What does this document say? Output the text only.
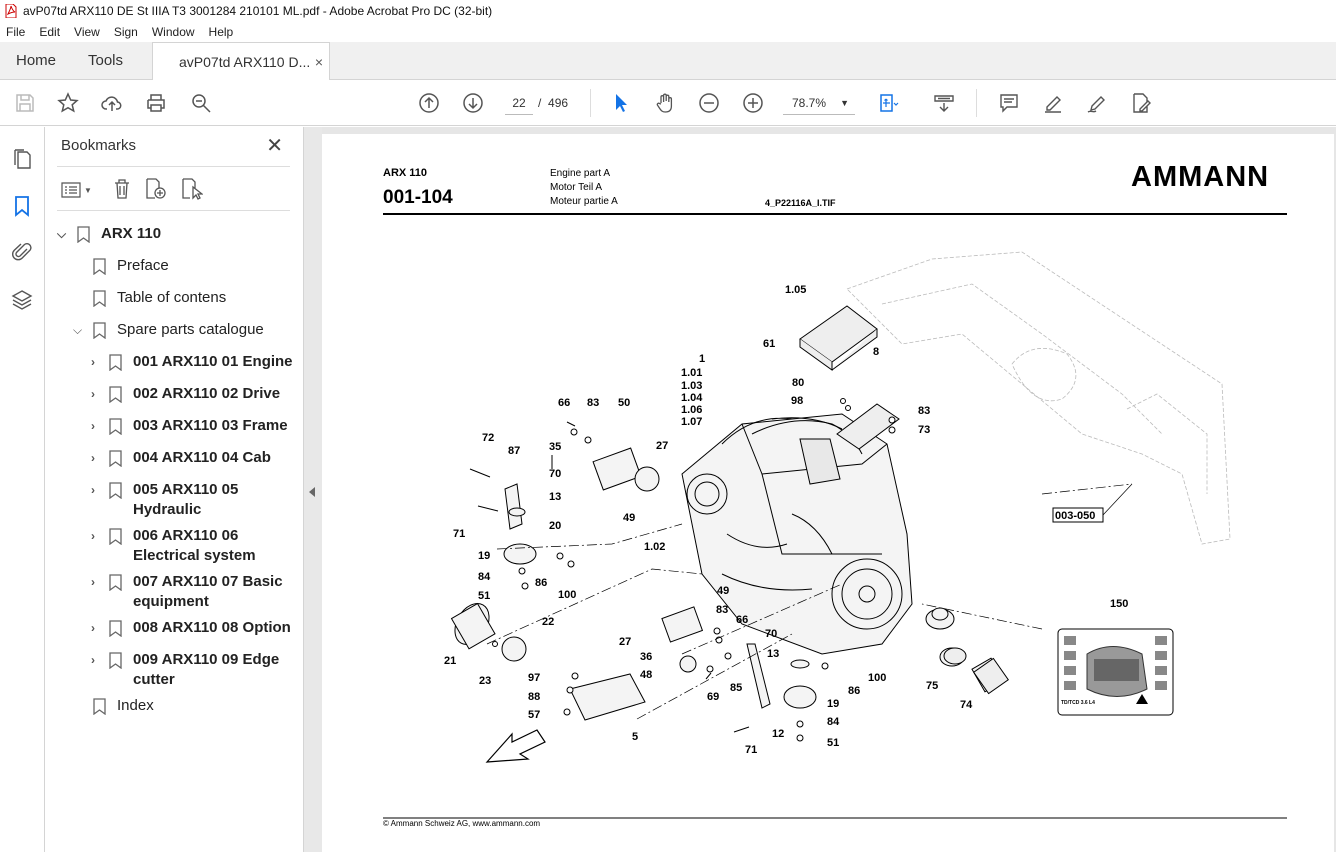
avP07td ARX110 DE St IIIA T3 3001284 210101 ML.pdf - Adobe Acrobat Pro DC (32-bit)
File Edit View Sign Window Help
Home Tools	avP07td ARX110 D... ×
22	/ 496	78.7% ▼
Bookmarks	✕
▼
⌵ ARX 110
Preface
Table of contens
⌵ Spare parts catalogue
›	001 ARX110 01 Engine
›	002 ARX110 02 Drive
›	003 ARX110 03 Frame
›	004 ARX110 04 Cab
›	005 ARX110 05
Hydraulic
›	006 ARX110 06
Electrical system
›	007 ARX110 07 Basic
equipment
›	008 ARX110 08 Option
›	009 ARX110 09 Edge
cutter
Index
ARX 110
001-104
Engine part A
Motor Teil A
Moteur partie A	4_P22116A_I.TIF
AMMANN
003-050
TD/TCD 3.6 L4
© Ammann Schweiz AG, www.ammann.com
1.05
61
8
1
1.01
1.03
1.04
1.06
1.07
80
98
83
73
66 83 50
72
87	35	27
70
13
49
1.02
71
20
19
84	86
51	100
21
22
23
49
83
66
27
36
48
69
85
70
13
100
86
19
84
51
12
71
97
88
57
5
75
74
150
